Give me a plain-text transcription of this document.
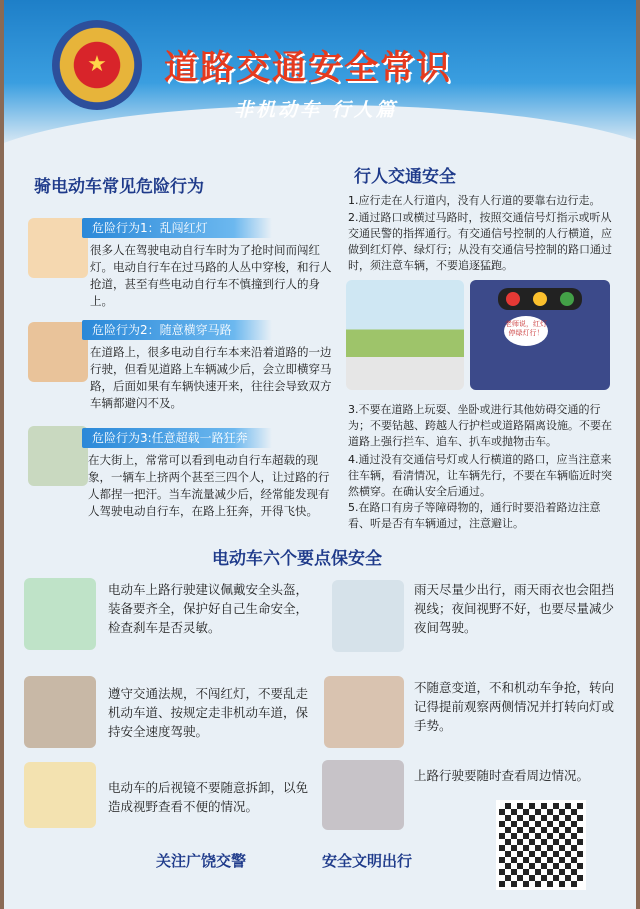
★	道路交通安全常识
非机动车 行人篇
骑电动车常见危险行为
危险行为1：乱闯红灯
很多人在驾驶电动自行车时为了抢时间而闯红灯。电动自行车在过马路的人丛中穿梭，和行人抢道，甚至有些电动自行车不慎撞到行人的身上。
危险行为2：随意横穿马路
在道路上，很多电动自行车本来沿着道路的一边行驶，但看见道路上车辆减少后，会立即横穿马路，后面如果有车辆快速开来，往往会导致双方车辆都避闪不及。
危险行为3:任意超载一路狂奔
在大街上，常常可以看到电动自行车超载的现象，一辆车上挤两个甚至三四个人，让过路的行人都捏一把汗。当车流量减少后，经常能发现有人驾驶电动自行车，在路上狂奔，开得飞快。
行人交通安全
1.应行走在人行道内，没有人行道的要靠右边行走。
2.通过路口或横过马路时，按照交通信号灯指示或听从交通民警的指挥通行。有交通信号控制的人行横道，应做到红灯停、绿灯行；从没有交通信号控制的路口通过时，须注意车辆，不要追逐猛跑。
老师说，红灯停绿灯行！
3.不要在道路上玩耍、坐卧或进行其他妨碍交通的行为；不要钻越、跨越人行护栏或道路隔离设施。不要在道路上强行拦车、追车、扒车或抛物击车。
4.通过没有交通信号灯或人行横道的路口，应当注意来往车辆，看清情况，让车辆先行，不要在车辆临近时突然横穿。在确认安全后通过。
5.在路口有房子等障碍物的，通行时要沿着路边注意看、听是否有车辆通过，注意避让。
电动车六个要点保安全
电动车上路行驶建议佩戴安全头盔，装备要齐全，保护好自己生命安全，检查刹车是否灵敏。
雨天尽量少出行，雨天雨衣也会阻挡视线；夜间视野不好，也要尽量减少夜间驾驶。
遵守交通法规，不闯红灯，不要乱走机动车道、按规定走非机动车道，保持安全速度驾驶。
不随意变道，不和机动车争抢，转向记得提前观察两侧情况并打转向灯或手势。
电动车的后视镜不要随意拆卸，以免造成视野查看不便的情况。
上路行驶要随时查看周边情况。
关注广饶交警	安全文明出行
